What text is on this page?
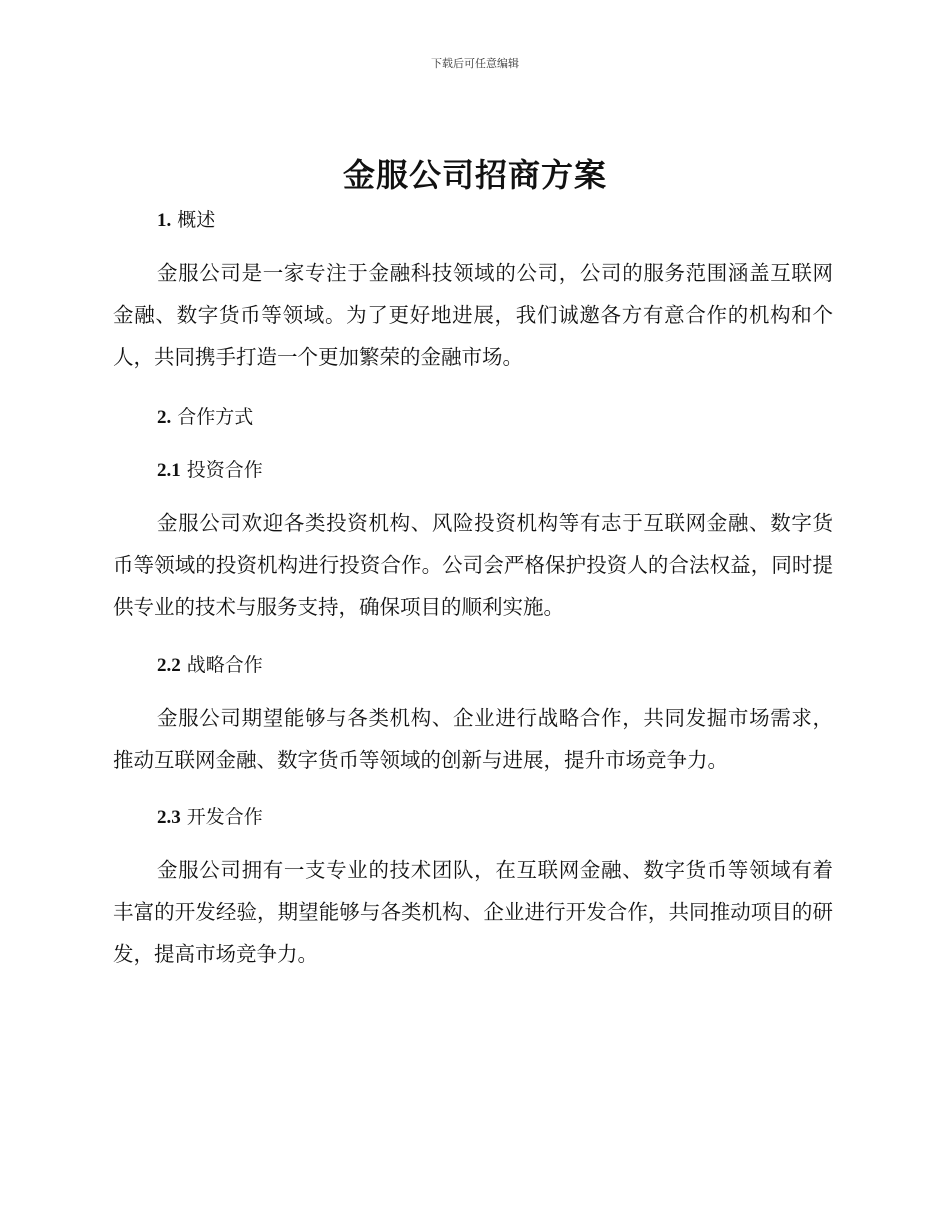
下载后可任意编辑
金服公司招商方案
1. 概述

金服公司是一家专注于金融科技领域的公司，公司的服务范围涵盖互联网金融、数字货币等领域。为了更好地进展，我们诚邀各方有意合作的机构和个人，共同携手打造一个更加繁荣的金融市场。

2. 合作方式
2.1 投资合作

金服公司欢迎各类投资机构、风险投资机构等有志于互联网金融、数字货币等领域的投资机构进行投资合作。公司会严格保护投资人的合法权益，同时提供专业的技术与服务支持，确保项目的顺利实施。

2.2 战略合作

金服公司期望能够与各类机构、企业进行战略合作，共同发掘市场需求，推动互联网金融、数字货币等领域的创新与进展，提升市场竞争力。

2.3 开发合作

金服公司拥有一支专业的技术团队，在互联网金融、数字货币等领域有着丰富的开发经验，期望能够与各类机构、企业进行开发合作，共同推动项目的研发，提高市场竞争力。
